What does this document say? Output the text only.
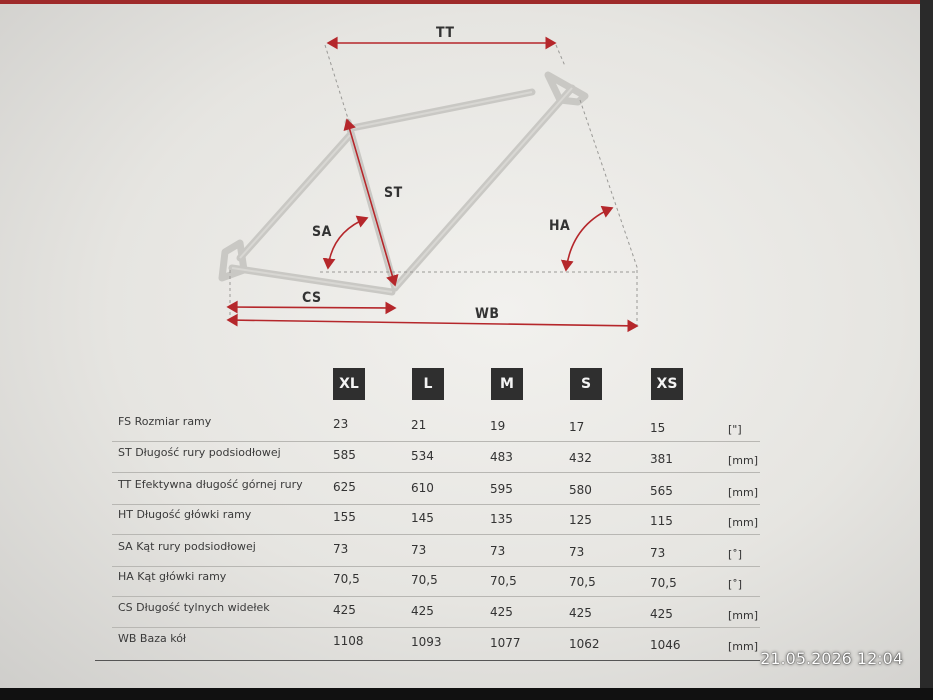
TT
ST
SA	HA
CS
WB
XL	L	M	S	XS
FS Rozmiar ramy	23	21	19	17	15	["]
ST Długość rury podsiodłowej	585	534	483	432	381	[mm]
TT Efektywna długość górnej rury	625	610	595	580	565	[mm]
HT Długość główki ramy	155	145	135	125	115	[mm]
SA Kąt rury podsiodłowej	73	73	73	73	73	[˚]
HA Kąt główki ramy	70,5	70,5	70,5	70,5	70,5	[˚]
CS Długość tylnych widełek	425	425	425	425	425	[mm]
WB Baza kół	1108	1093	1077	1062	1046	[mm]
21.05.2026 12:04
